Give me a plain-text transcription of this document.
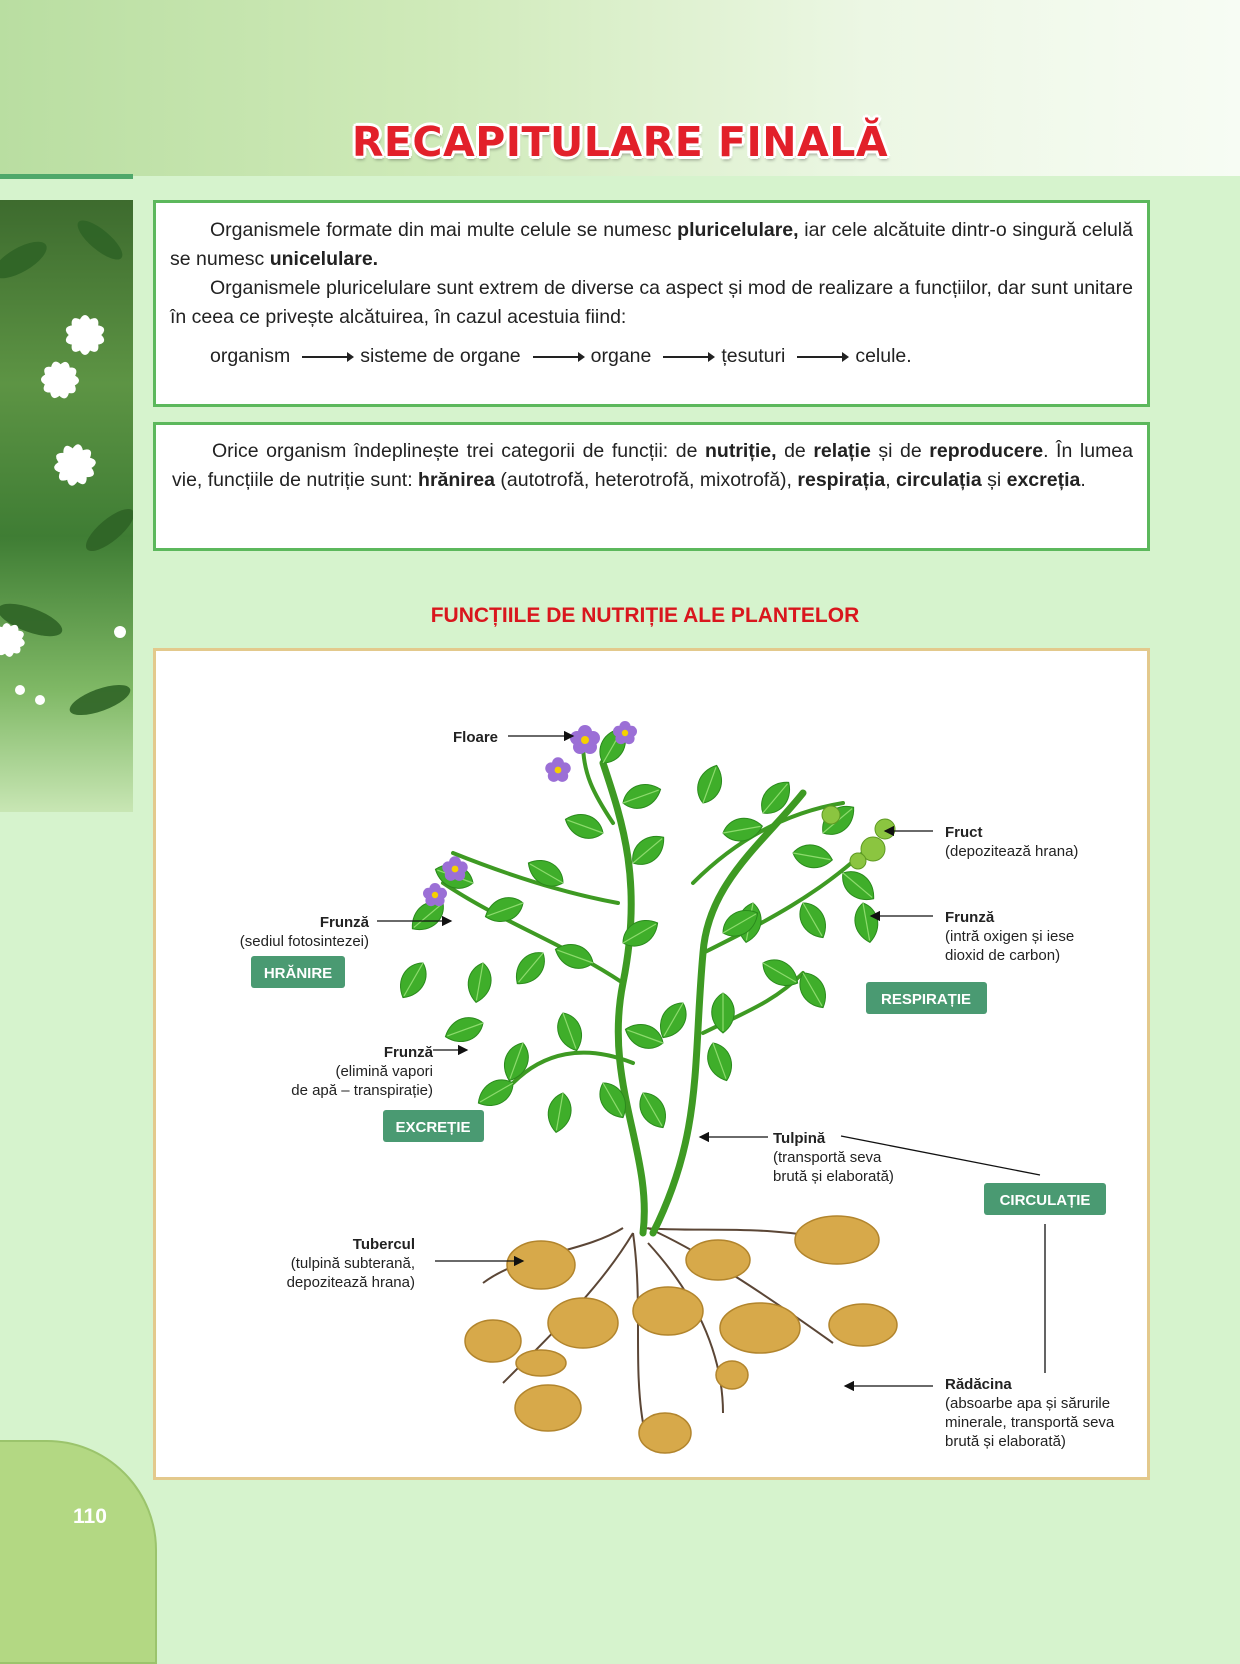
RECAPITULARE FINALĂ

Organismele formate din mai multe celule se numesc pluricelulare, iar cele alcătuite dintr-o singură celulă se numesc unicelulare.

Organismele pluricelulare sunt extrem de diverse ca aspect și mod de realizare a funcțiilor, dar sunt unitare în ceea ce privește alcătuirea, în cazul acestuia fiind:

organism	sisteme de organe	organe	țesuturi	celule.

Orice organism îndeplinește trei categorii de funcții: de nutriție, de relație și de reproducere. În lumea vie, funcțiile de nutriție sunt: hrănirea (autotrofă, heterotrofă, mixotrofă), respirația, circulația și excreția.

FUNCȚIILE DE NUTRIȚIE ALE PLANTELOR
Floare
Fruct
(depozitează hrana)
Frunză
(sediul fotosintezei)
Frunză
(intră oxigen și iese
dioxid de carbon)
Frunză
(elimină vapori
de apă – transpirație)
Tulpină
(transportă seva
brută și elaborată)
Tubercul
(tulpină subterană,
depozitează hrana)
Rădăcina
(absoarbe apa și sărurile
minerale, transportă seva
brută și elaborată)
HRĂNIRE
RESPIRAȚIE
EXCREȚIE
CIRCULAȚIE
110
